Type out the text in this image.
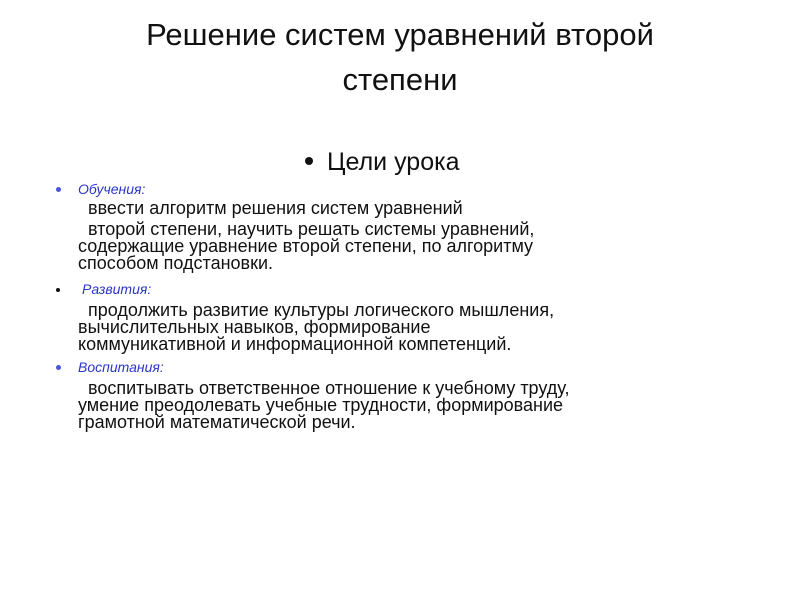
Решение систем уравнений второй
степени
Цели урока
Обучения:
ввести алгоритм решения систем уравнений
второй степени, научить решать системы уравнений,
содержащие уравнение второй степени, по алгоритму
способом подстановки.
Развития:
продолжить развитие культуры логического мышления,
вычислительных навыков, формирование
коммуникативной и информационной компетенций.
Воспитания:
воспитывать ответственное отношение к учебному труду,
умение преодолевать учебные трудности, формирование
грамотной математической речи.
